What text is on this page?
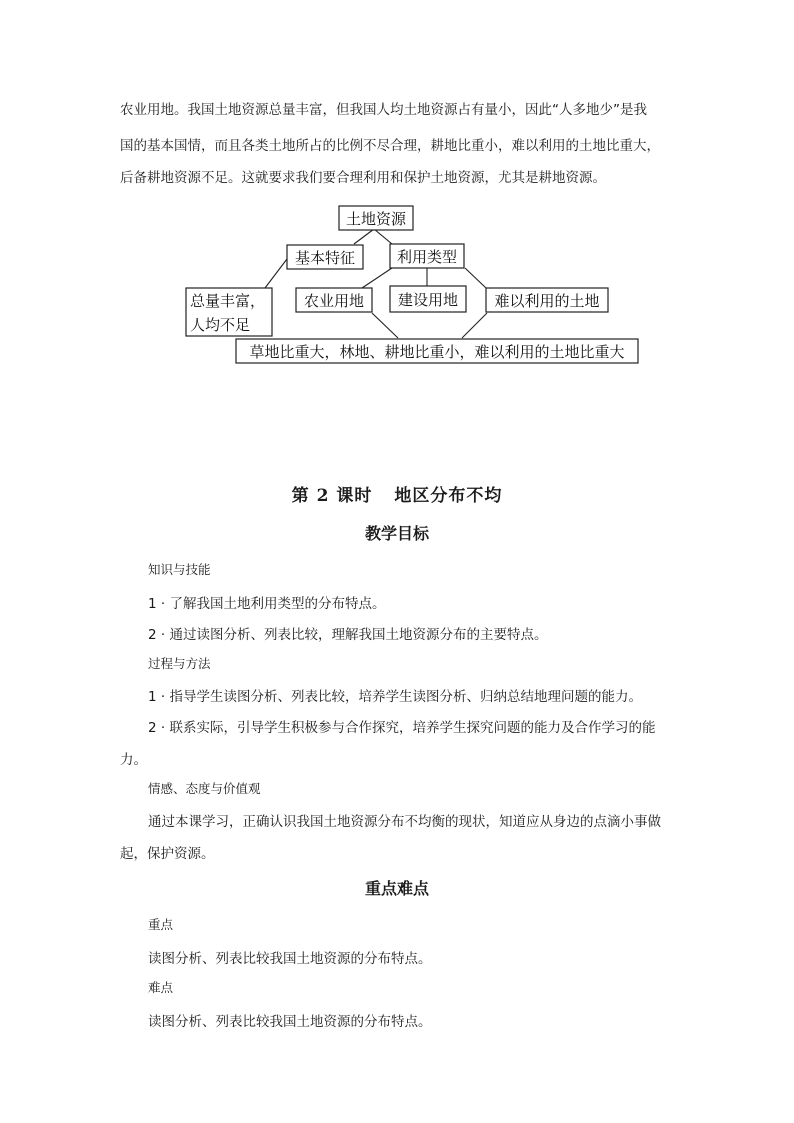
农业用地。我国土地资源总量丰富，但我国人均土地资源占有量小，因此“人多地少”是我

国的基本国情，而且各类土地所占的比例不尽合理，耕地比重小，难以利用的土地比重大，

后备耕地资源不足。这就要求我们要合理利用和保护土地资源，尤其是耕地资源。

土地资源
基本特征	利用类型
总量丰富，
人均不足
农业用地 建设用地 难以利用的土地
草地比重大，林地、耕地比重小，难以利用的土地比重大
第 2 课时 地区分布不均
教学目标

知识与技能

1 · 了解我国土地利用类型的分布特点。

2 · 通过读图分析、列表比较，理解我国土地资源分布的主要特点。

过程与方法

1 · 指导学生读图分析、列表比较，培养学生读图分析、归纳总结地理问题的能力。

2 · 联系实际，引导学生积极参与合作探究，培养学生探究问题的能力及合作学习的能

力。

情感、态度与价值观

通过本课学习，正确认识我国土地资源分布不均衡的现状，知道应从身边的点滴小事做

起，保护资源。

重点难点

重点

读图分析、列表比较我国土地资源的分布特点。

难点

读图分析、列表比较我国土地资源的分布特点。
